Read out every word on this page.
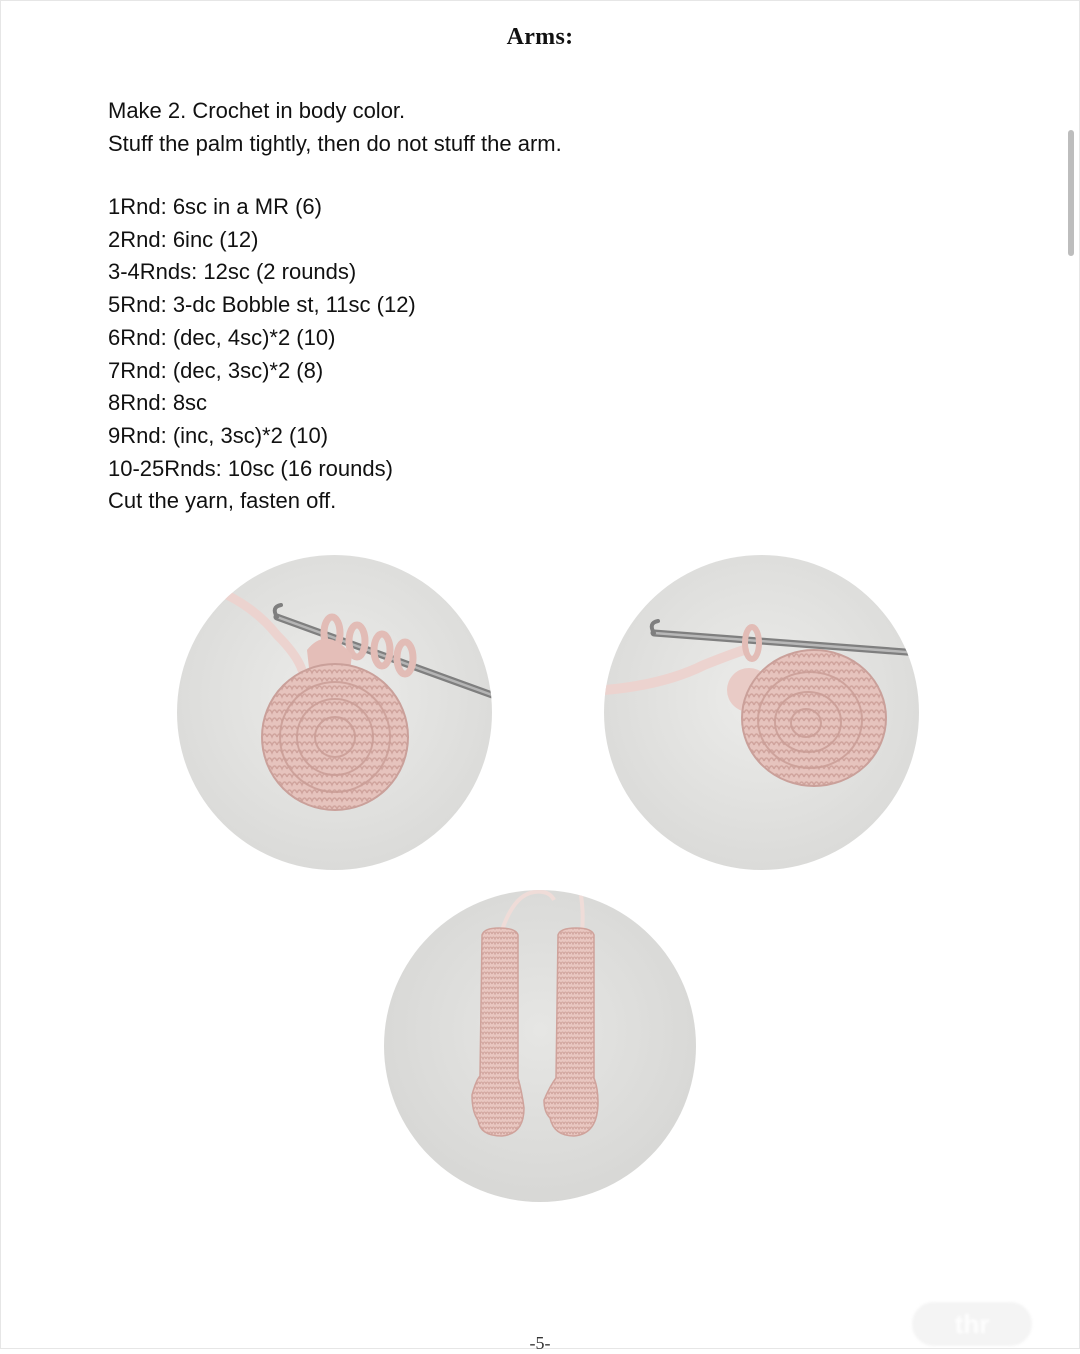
Arms:
Make 2. Crochet in body color.
Stuff the palm tightly, then do not stuff the arm.
1Rnd: 6sc in a MR (6)
2Rnd: 6inc (12)
3-4Rnds: 12sc (2 rounds)
5Rnd: 3-dc Bobble st, 11sc (12)
6Rnd: (dec, 4sc)*2 (10)
7Rnd: (dec, 3sc)*2 (8)
8Rnd: 8sc
9Rnd: (inc, 3sc)*2 (10)
10-25Rnds: 10sc (16 rounds)
Cut the yarn, fasten off.
-5-
thr
